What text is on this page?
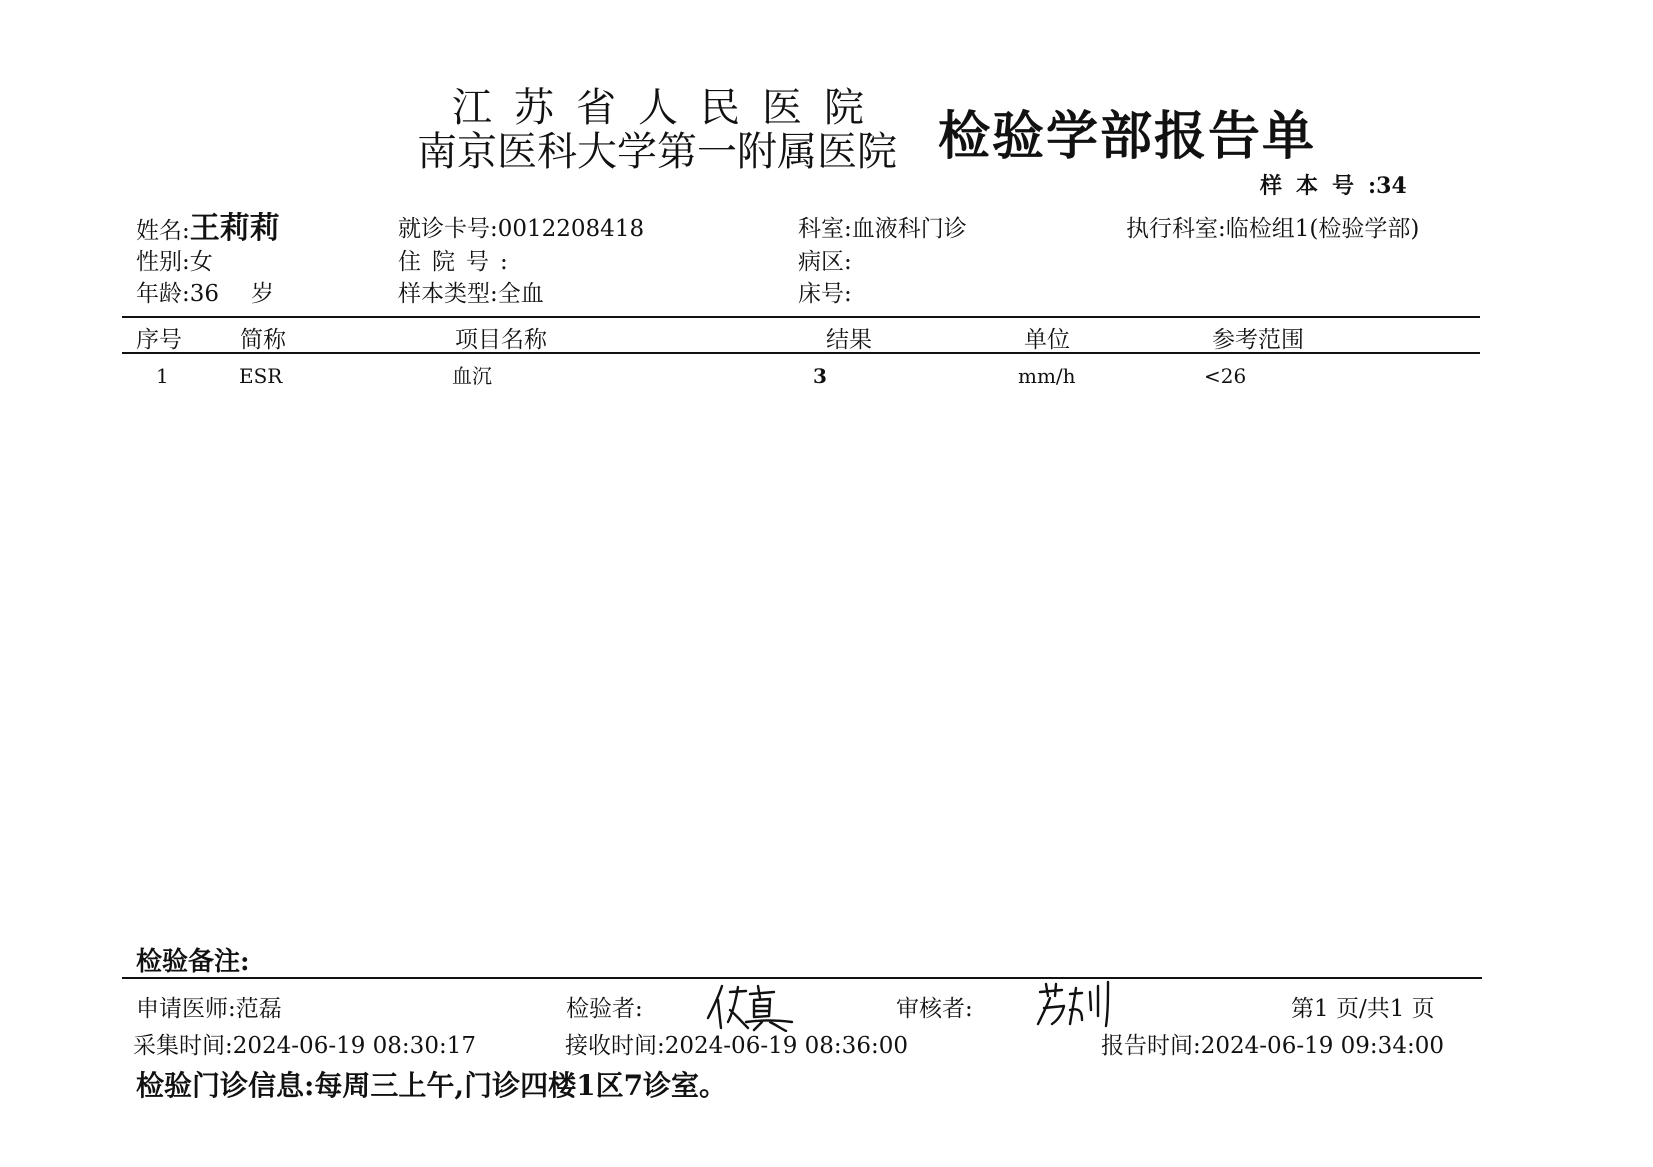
江苏省人民医院
南京医科大学第一附属医院 检验学部报告单
样本号:34
姓名:王莉莉
性别:女
年龄:36 岁
就诊卡号:0012208418
住院号:
样本类型:全血
科室:血液科门诊
病区:
床号:
执行科室:临检组1(检验学部)
序号	简称	项目名称	结果	单位	参考范围
1	ESR	血沉	3	mm/h	<26
检验备注:
申请医师:范磊	检验者:	审核者:	第1 页/共1 页
采集时间:2024-06-19 08:30:17	接收时间:2024-06-19 08:36:00	报告时间:2024-06-19 09:34:00
检验门诊信息:每周三上午,门诊四楼1区7诊室。
